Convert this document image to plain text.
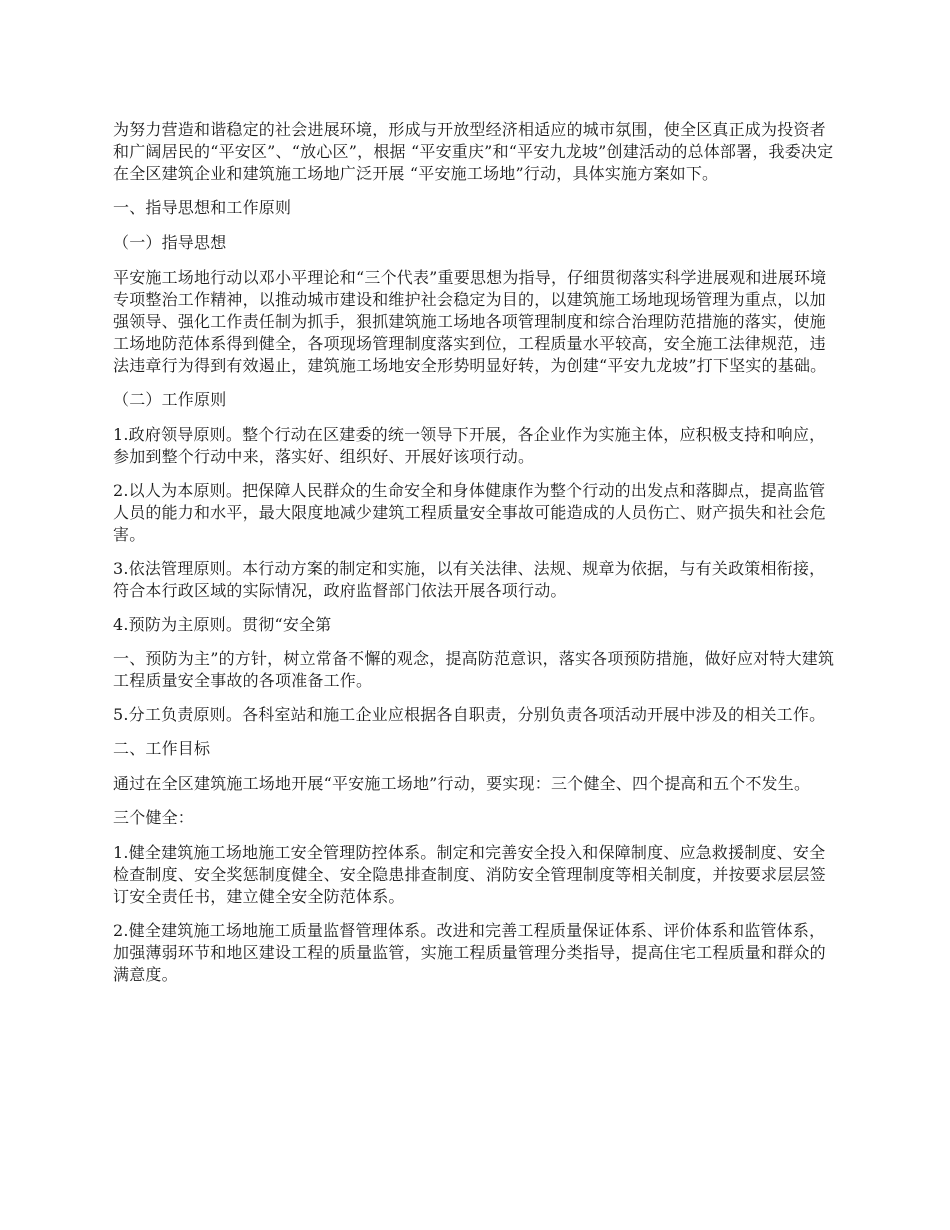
为努力营造和谐稳定的社会进展环境，形成与开放型经济相适应的城市氛围，使全区真正成为投资者和广阔居民的“平安区”、“放心区”，根据 “平安重庆”和“平安九龙坡”创建活动的总体部署，我委决定在全区建筑企业和建筑施工场地广泛开展 “平安施工场地”行动，具体实施方案如下。

一、指导思想和工作原则

（一）指导思想

平安施工场地行动以邓小平理论和“三个代表”重要思想为指导，仔细贯彻落实科学进展观和进展环境专项整治工作精神，以推动城市建设和维护社会稳定为目的，以建筑施工场地现场管理为重点，以加强领导、强化工作责任制为抓手，狠抓建筑施工场地各项管理制度和综合治理防范措施的落实，使施工场地防范体系得到健全，各项现场管理制度落实到位，工程质量水平较高，安全施工法律规范，违法违章行为得到有效遏止，建筑施工场地安全形势明显好转，为创建“平安九龙坡”打下坚实的基础。

（二）工作原则

1.政府领导原则。整个行动在区建委的统一领导下开展，各企业作为实施主体，应积极支持和响应，参加到整个行动中来，落实好、组织好、开展好该项行动。

2.以人为本原则。把保障人民群众的生命安全和身体健康作为整个行动的出发点和落脚点，提高监管人员的能力和水平，最大限度地减少建筑工程质量安全事故可能造成的人员伤亡、财产损失和社会危害。

3.依法管理原则。本行动方案的制定和实施，以有关法律、法规、规章为依据，与有关政策相衔接，符合本行政区域的实际情况，政府监督部门依法开展各项行动。

4.预防为主原则。贯彻“安全第

一、预防为主”的方针，树立常备不懈的观念，提高防范意识，落实各项预防措施，做好应对特大建筑工程质量安全事故的各项准备工作。

5.分工负责原则。各科室站和施工企业应根据各自职责，分别负责各项活动开展中涉及的相关工作。

二、工作目标

通过在全区建筑施工场地开展“平安施工场地”行动，要实现：三个健全、四个提高和五个不发生。

三个健全：

1.健全建筑施工场地施工安全管理防控体系。制定和完善安全投入和保障制度、应急救援制度、安全检查制度、安全奖惩制度健全、安全隐患排查制度、消防安全管理制度等相关制度，并按要求层层签订安全责任书，建立健全安全防范体系。

2.健全建筑施工场地施工质量监督管理体系。改进和完善工程质量保证体系、评价体系和监管体系，加强薄弱环节和地区建设工程的质量监管，实施工程质量管理分类指导，提高住宅工程质量和群众的满意度。
